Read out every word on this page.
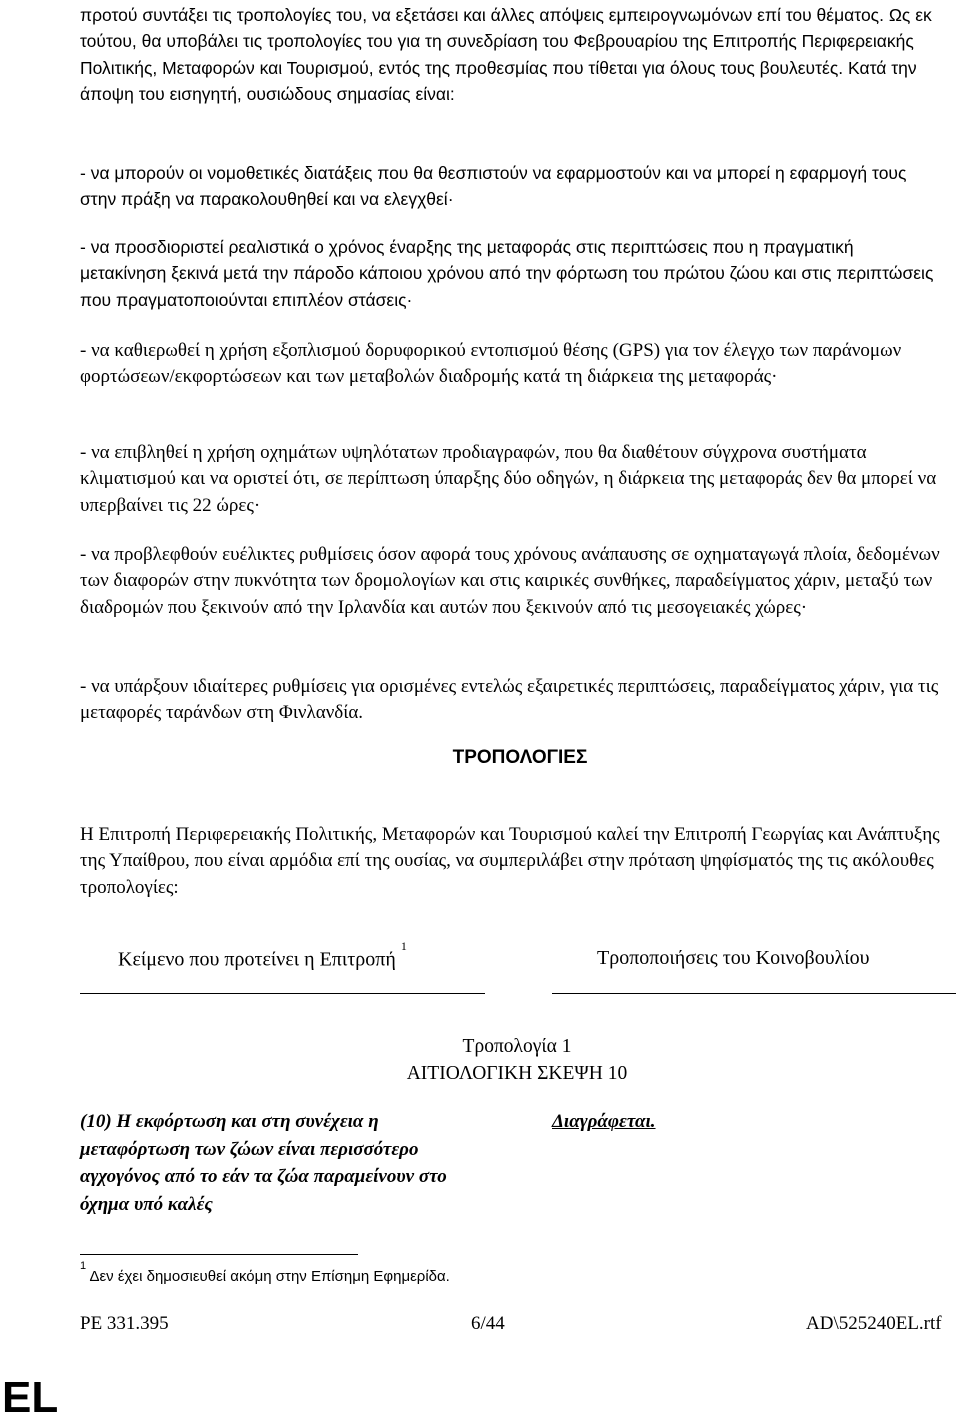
προτού συντάξει τις τροπολογίες του, να εξετάσει και άλλες απόψεις εμπειρογνωμόνων επί του θέματος. Ως εκ τούτου, θα υποβάλει τις τροπολογίες του για τη συνεδρίαση του Φεβρουαρίου της Επιτροπής Περιφερειακής Πολιτικής, Μεταφορών και Τουρισμού, εντός της προθεσμίας που τίθεται για όλους τους βουλευτές. Κατά την άποψη του εισηγητή, ουσιώδους σημασίας είναι:

- να μπορούν οι νομοθετικές διατάξεις που θα θεσπιστούν να εφαρμοστούν και να μπορεί η εφαρμογή τους στην πράξη να παρακολουθηθεί και να ελεγχθεί·

- να προσδιοριστεί ρεαλιστικά ο χρόνος έναρξης της μεταφοράς στις περιπτώσεις που η πραγματική μετακίνηση ξεκινά μετά την πάροδο κάποιου χρόνου από την φόρτωση του πρώτου ζώου και στις περιπτώσεις που πραγματοποιούνται επιπλέον στάσεις·

- να καθιερωθεί η χρήση εξοπλισμού δορυφορικού εντοπισμού θέσης (GPS) για τον έλεγχο των παράνομων φορτώσεων/εκφορτώσεων και των μεταβολών διαδρομής κατά τη διάρκεια της μεταφοράς·

- να επιβληθεί η χρήση οχημάτων υψηλότατων προδιαγραφών, που θα διαθέτουν σύγχρονα συστήματα κλιματισμού και να οριστεί ότι, σε περίπτωση ύπαρξης δύο οδηγών, η διάρκεια της μεταφοράς δεν θα μπορεί να υπερβαίνει τις 22 ώρες·

- να προβλεφθούν ευέλικτες ρυθμίσεις όσον αφορά τους χρόνους ανάπαυσης σε οχηματαγωγά πλοία, δεδομένων των διαφορών στην πυκνότητα των δρομολογίων και στις καιρικές συνθήκες, παραδείγματος χάριν, μεταξύ των διαδρομών που ξεκινούν από την Ιρλανδία και αυτών που ξεκινούν από τις μεσογειακές χώρες·

- να υπάρξουν ιδιαίτερες ρυθμίσεις για ορισμένες εντελώς εξαιρετικές περιπτώσεις, παραδείγματος χάριν, για τις μεταφορές ταράνδων στη Φινλανδία.

ΤΡΟΠΟΛΟΓΙΕΣ

Η Επιτροπή Περιφερειακής Πολιτικής, Μεταφορών και Τουρισμού καλεί την Επιτροπή Γεωργίας και Ανάπτυξης της Υπαίθρου, που είναι αρμόδια επί της ουσίας, να συμπεριλάβει στην πρόταση ψηφίσματός της τις ακόλουθες τροπολογίες:

Κείμενο που προτείνει η Επιτροπή $^1$

Τροποποιήσεις του Κοινοβουλίου

Τροπολογία 1

ΑΙΤΙΟΛΟΓΙΚΗ ΣΚΕΨΗ 10

(10) Η εκφόρτωση και στη συνέχεια η μεταφόρτωση των ζώων είναι περισσότερο αγχογόνος από το εάν τα ζώα παραμείνουν στο όχημα υπό καλές

Διαγράφεται.

$^1$ Δεν έχει δημοσιευθεί ακόμη στην Επίσημη Εφημερίδα.

PE 331.395	6/44	AD\525240EL.rtf

EL
